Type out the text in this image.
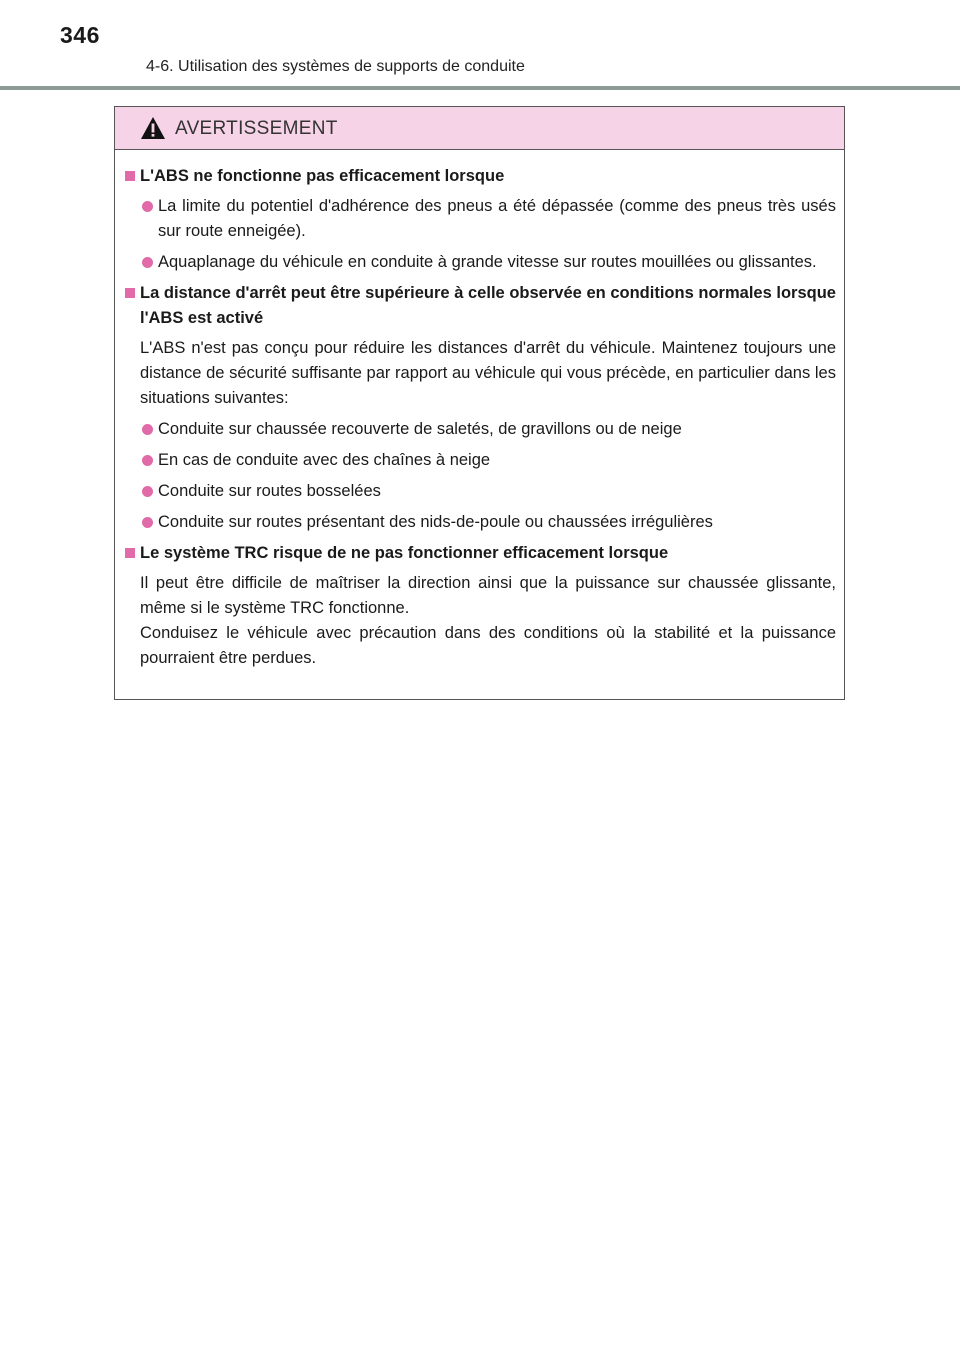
346
4-6. Utilisation des systèmes de supports de conduite
AVERTISSEMENT
L'ABS ne fonctionne pas efficacement lorsque
La limite du potentiel d'adhérence des pneus a été dépassée (comme des pneus très usés sur route enneigée).
Aquaplanage du véhicule en conduite à grande vitesse sur routes mouillées ou glissantes.
La distance d'arrêt peut être supérieure à celle observée en conditions normales lorsque l'ABS est activé
L'ABS n'est pas conçu pour réduire les distances d'arrêt du véhicule. Maintenez toujours une distance de sécurité suffisante par rapport au véhicule qui vous précède, en particulier dans les situations suivantes:
Conduite sur chaussée recouverte de saletés, de gravillons ou de neige
En cas de conduite avec des chaînes à neige
Conduite sur routes bosselées
Conduite sur routes présentant des nids-de-poule ou chaussées irrégulières
Le système TRC risque de ne pas fonctionner efficacement lorsque
Il peut être difficile de maîtriser la direction ainsi que la puissance sur chaussée glissante, même si le système TRC fonctionne.
Conduisez le véhicule avec précaution dans des conditions où la stabilité et la puissance pourraient être perdues.
